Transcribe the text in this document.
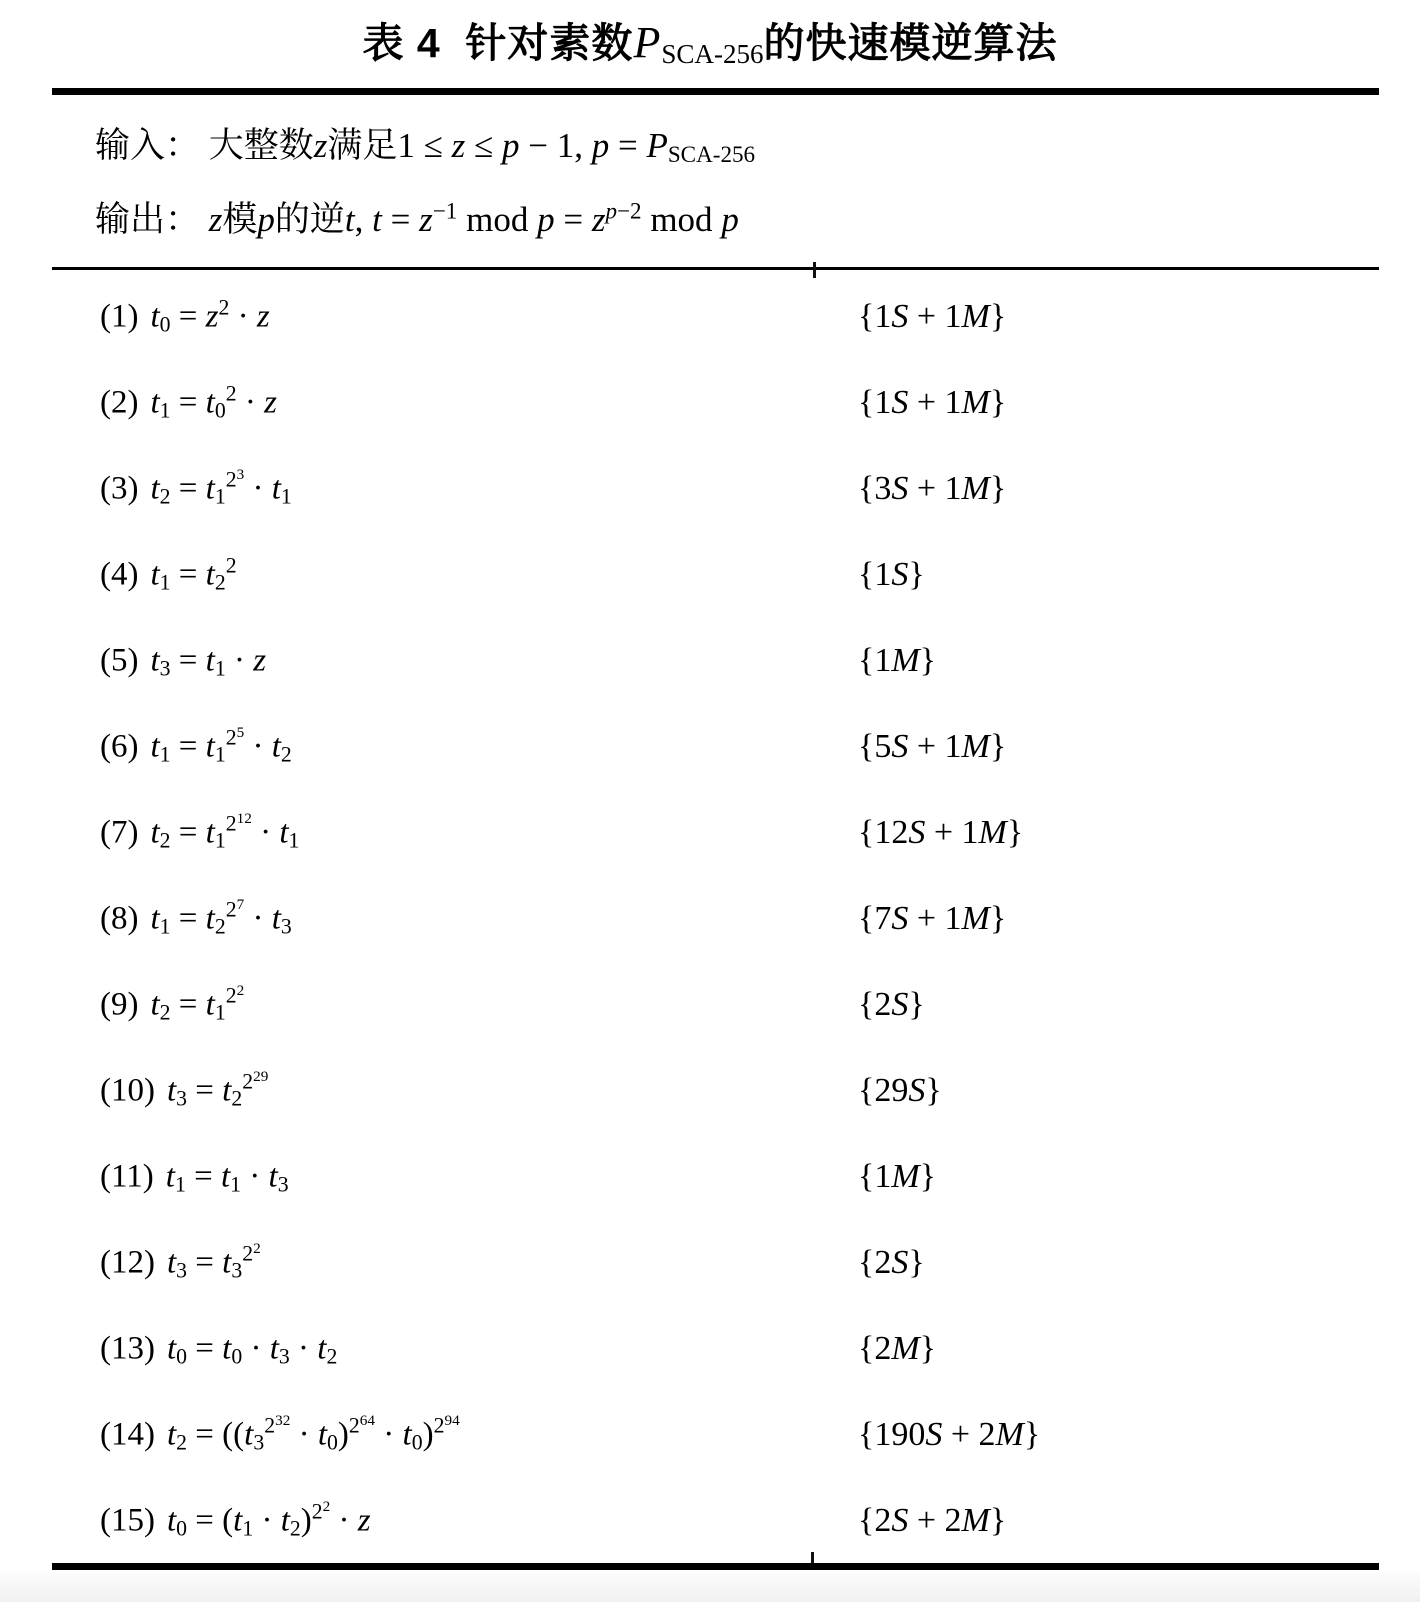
表 4  针对素数$P_{SCA-256}$的快速模逆算法
输入： 大整数z满足1 ≤ z ≤ p − 1, $p = P_{SCA-256}$
输出： z模p的逆t, $t = z^{-1}$ mod $p = z^{p-2}$ mod p
(1) $t_0 = z^2 \cdot z$	{1S + 1M}
(2) $t_1 = t_0^2 \cdot z$	{1S + 1M}
(3) $t_2 = t_1^{2^3} \cdot t_1$	{3S + 1M}
(4) $t_1 = t_2^2$	{1S}
(5) $t_3 = t_1 \cdot z$	{1M}
(6) $t_1 = t_1^{2^5} \cdot t_2$	{5S + 1M}
(7) $t_2 = t_1^{2^{12}} \cdot t_1$	{12S + 1M}
(8) $t_1 = t_2^{2^7} \cdot t_3$	{7S + 1M}
(9) $t_2 = t_1^{2^2}$	{2S}
(10) $t_3 = t_2^{2^{29}}$	{29S}
(11) $t_1 = t_1 \cdot t_3$	{1M}
(12) $t_3 = t_3^{2^2}$	{2S}
(13) $t_0 = t_0 \cdot t_3 \cdot t_2$	{2M}
(14) $t_2 = ((t_3^{2^{32}} \cdot t_0)^{2^{64}} \cdot t_0)^{2^{94}}$	{190S + 2M}
(15) $t_0 = (t_1 \cdot t_2)^{2^2} \cdot z$	{2S + 2M}
